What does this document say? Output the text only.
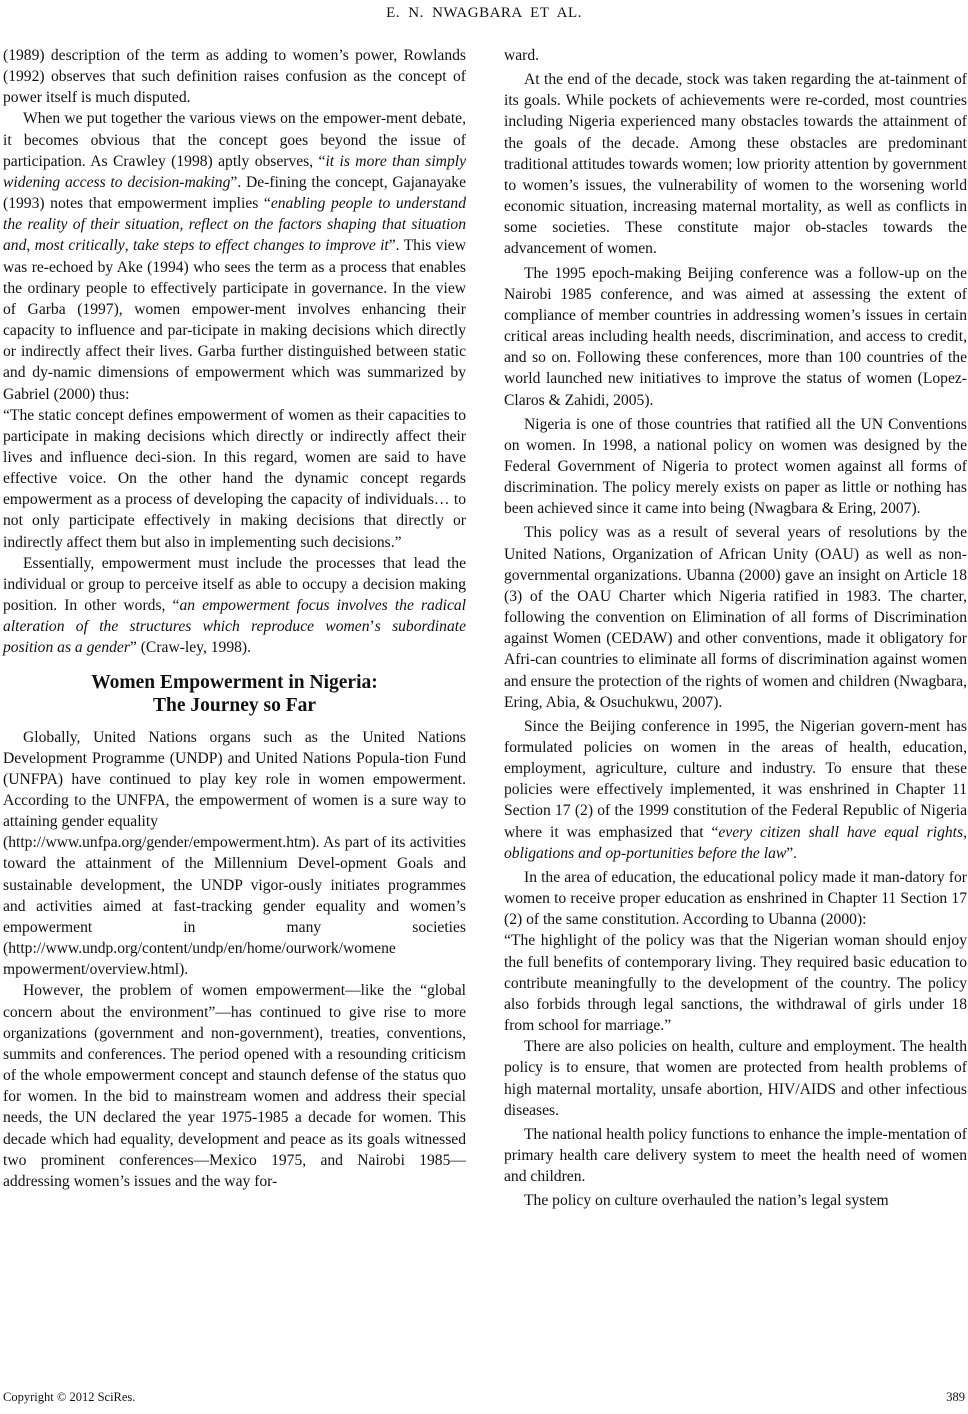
E. N. NWAGBARA ET AL.

(1989) description of the term as adding to women’s power, Rowlands (1992) observes that such definition raises confusion as the concept of power itself is much disputed.

When we put together the various views on the empower-ment debate, it becomes obvious that the concept goes beyond the issue of participation. As Crawley (1998) aptly observes, “it is more than simply widening access to decision-making”. De-fining the concept, Gajanayake (1993) notes that empowerment implies “enabling people to understand the reality of their situation, reflect on the factors shaping that situation and, most critically, take steps to effect changes to improve it”. This view was re-echoed by Ake (1994) who sees the term as a process that enables the ordinary people to effectively participate in governance. In the view of Garba (1997), women empower-ment involves enhancing their capacity to influence and par-ticipate in making decisions which directly or indirectly affect their lives. Garba further distinguished between static and dy-namic dimensions of empowerment which was summarized by Gabriel (2000) thus:

“The static concept defines empowerment of women as their capacities to participate in making decisions which directly or indirectly affect their lives and influence deci-sion. In this regard, women are said to have effective voice. On the other hand the dynamic concept regards empowerment as a process of developing the capacity of individuals… to not only participate effectively in making decisions that directly or indirectly affect them but also in implementing such decisions.”

Essentially, empowerment must include the processes that lead the individual or group to perceive itself as able to occupy a decision making position. In other words, “an empowerment focus involves the radical alteration of the structures which reproduce women’s subordinate position as a gender” (Craw-ley, 1998).

Women Empowerment in Nigeria:
The Journey so Far

Globally, United Nations organs such as the United Nations Development Programme (UNDP) and United Nations Popula-tion Fund (UNFPA) have continued to play key role in women empowerment. According to the UNFPA, the empowerment of women is a sure way to attaining gender equality

(http://www.unfpa.org/gender/empowerment.htm). As part of its activities toward the attainment of the Millennium Devel-opment Goals and sustainable development, the UNDP vigor-ously initiates programmes and activities aimed at fast-tracking gender equality and women’s empowerment in many societies (http://www.undp.org/content/undp/en/home/ourwork/womene mpowerment/overview.html).

However, the problem of women empowerment—like the “global concern about the environment”—has continued to give rise to more organizations (government and non-government), treaties, conventions, summits and conferences. The period opened with a resounding criticism of the whole empowerment concept and staunch defense of the status quo for women. In the bid to mainstream women and address their special needs, the UN declared the year 1975-1985 a decade for women. This decade which had equality, development and peace as its goals witnessed two prominent conferences—Mexico 1975, and Nairobi 1985—addressing women’s issues and the way for-

ward.

At the end of the decade, stock was taken regarding the at-tainment of its goals. While pockets of achievements were re-corded, most countries including Nigeria experienced many obstacles towards the attainment of the goals of the decade. Among these obstacles are predominant traditional attitudes towards women; low priority attention by government to women’s issues, the vulnerability of women to the worsening world economic situation, increasing maternal mortality, as well as conflicts in some societies. These constitute major ob-stacles towards the advancement of women.

The 1995 epoch-making Beijing conference was a follow-up on the Nairobi 1985 conference, and was aimed at assessing the extent of compliance of member countries in addressing women’s issues in certain critical areas including health needs, discrimination, and access to credit, and so on. Following these conferences, more than 100 countries of the world launched new initiatives to improve the status of women (Lopez-Claros & Zahidi, 2005).

Nigeria is one of those countries that ratified all the UN Conventions on women. In 1998, a national policy on women was designed by the Federal Government of Nigeria to protect women against all forms of discrimination. The policy merely exists on paper as little or nothing has been achieved since it came into being (Nwagbara & Ering, 2007).

This policy was as a result of several years of resolutions by the United Nations, Organization of African Unity (OAU) as well as non-governmental organizations. Ubanna (2000) gave an insight on Article 18 (3) of the OAU Charter which Nigeria ratified in 1983. The charter, following the convention on Elimination of all forms of Discrimination against Women (CEDAW) and other conventions, made it obligatory for Afri-can countries to eliminate all forms of discrimination against women and ensure the protection of the rights of women and children (Nwagbara, Ering, Abia, & Osuchukwu, 2007).

Since the Beijing conference in 1995, the Nigerian govern-ment has formulated policies on women in the areas of health, education, employment, agriculture, culture and industry. To ensure that these policies were effectively implemented, it was enshrined in Chapter 11 Section 17 (2) of the 1999 constitution of the Federal Republic of Nigeria where it was emphasized that “every citizen shall have equal rights, obligations and op-portunities before the law”.

In the area of education, the educational policy made it man-datory for women to receive proper education as enshrined in Chapter 11 Section 17 (2) of the same constitution. According to Ubanna (2000):

“The highlight of the policy was that the Nigerian woman should enjoy the full benefits of contemporary living. They required basic education to contribute meaningfully to the development of the country. The policy also forbids through legal sanctions, the withdrawal of girls under 18 from school for marriage.”

There are also policies on health, culture and employment. The health policy is to ensure, that women are protected from health problems of high maternal mortality, unsafe abortion, HIV/AIDS and other infectious diseases.

The national health policy functions to enhance the imple-mentation of primary health care delivery system to meet the health need of women and children.

The policy on culture overhauled the nation’s legal system

Copyright © 2012 SciRes.	389
